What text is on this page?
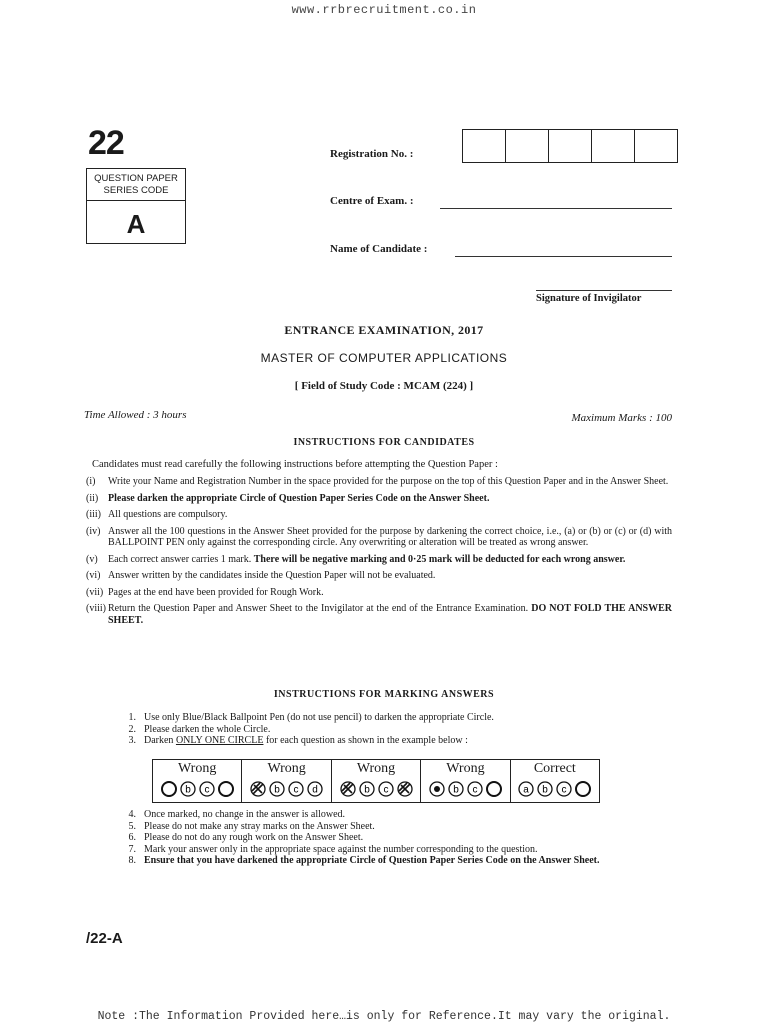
www.rrbrecruitment.co.in
22
QUESTION PAPER
SERIES CODE
A
Registration No. :
Centre of Exam. :
Name of Candidate :
Signature of Invigilator
ENTRANCE EXAMINATION, 2017
MASTER OF COMPUTER APPLICATIONS
[ Field of Study Code : MCAM (224) ]
Time Allowed : 3 hours	Maximum Marks : 100
INSTRUCTIONS FOR CANDIDATES
Candidates must read carefully the following instructions before attempting the Question Paper :
(i)	Write your Name and Registration Number in the space provided for the purpose on the top of this Question Paper and in the Answer Sheet.
(ii) Please darken the appropriate Circle of Question Paper Series Code on the Answer Sheet.
(iii) All questions are compulsory.
(iv) Answer all the 100 questions in the Answer Sheet provided for the purpose by darkening the correct choice, i.e., (a) or (b) or (c) or (d) with BALLPOINT PEN only against the corresponding circle. Any overwriting or alteration will be treated as wrong answer.
(v)	Each correct answer carries 1 mark. There will be negative marking and 0·25 mark will be deducted for each wrong answer.
(vi) Answer written by the candidates inside the Question Paper will not be evaluated.
(vii) Pages at the end have been provided for Rough Work.
(viii) Return the Question Paper and Answer Sheet to the Invigilator at the end of the Entrance Examination. DO NOT FOLD THE ANSWER SHEET.
INSTRUCTIONS FOR MARKING ANSWERS
1. Use only Blue/Black Ballpoint Pen (do not use pencil) to darken the appropriate Circle.
2. Please darken the whole Circle.
3. Darken ONLY ONE CIRCLE for each question as shown in the example below :
Wrong
b c
Wrong
b c d
Wrong
b c
Wrong
b c
Correct
a b c
4. Once marked, no change in the answer is allowed.
5. Please do not make any stray marks on the Answer Sheet.
6. Please do not do any rough work on the Answer Sheet.
7. Mark your answer only in the appropriate space against the number corresponding to the question.
8. Ensure that you have darkened the appropriate Circle of Question Paper Series Code on the Answer Sheet.
/22-A
Note :The Information Provided here…is only for Reference.It may vary the original.
